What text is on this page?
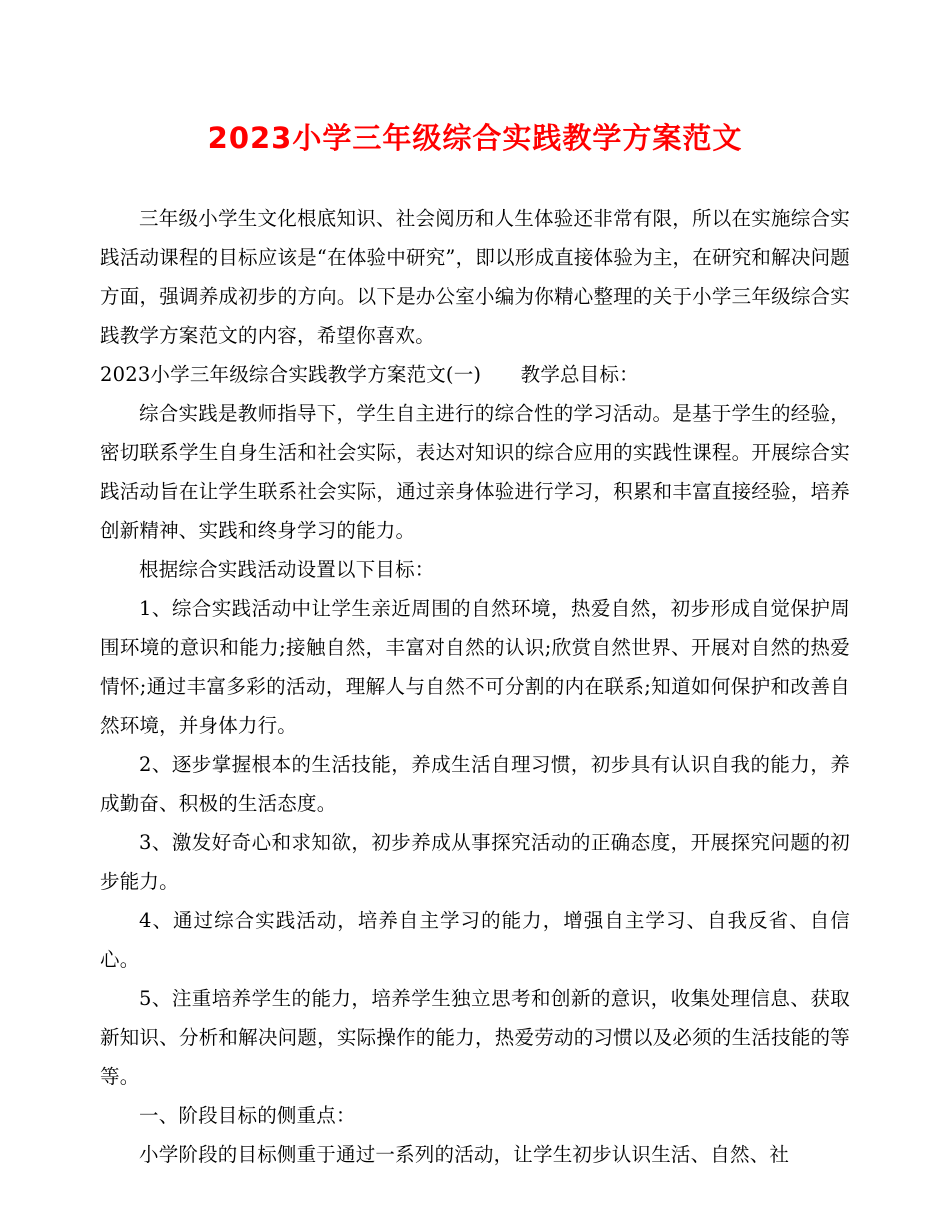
2023小学三年级综合实践教学方案范文

三年级小学生文化根底知识、社会阅历和人生体验还非常有限，所以在实施综合实践活动课程的目标应该是“在体验中研究”，即以形成直接体验为主，在研究和解决问题方面，强调养成初步的方向。以下是办公室小编为你精心整理的关于小学三年级综合实践教学方案范文的内容，希望你喜欢。

2023小学三年级综合实践教学方案范文(一)　　教学总目标：

综合实践是教师指导下，学生自主进行的综合性的学习活动。是基于学生的经验，密切联系学生自身生活和社会实际，表达对知识的综合应用的实践性课程。开展综合实践活动旨在让学生联系社会实际，通过亲身体验进行学习，积累和丰富直接经验，培养创新精神、实践和终身学习的能力。

根据综合实践活动设置以下目标：

1、综合实践活动中让学生亲近周围的自然环境，热爱自然，初步形成自觉保护周围环境的意识和能力;接触自然，丰富对自然的认识;欣赏自然世界、开展对自然的热爱情怀;通过丰富多彩的活动，理解人与自然不可分割的内在联系;知道如何保护和改善自然环境，并身体力行。

2、逐步掌握根本的生活技能，养成生活自理习惯，初步具有认识自我的能力，养成勤奋、积极的生活态度。

3、激发好奇心和求知欲，初步养成从事探究活动的正确态度，开展探究问题的初步能力。

4、通过综合实践活动，培养自主学习的能力，增强自主学习、自我反省、自信心。

5、注重培养学生的能力，培养学生独立思考和创新的意识，收集处理信息、获取新知识、分析和解决问题，实际操作的能力，热爱劳动的习惯以及必须的生活技能的等等。

一、阶段目标的侧重点：

小学阶段的目标侧重于通过一系列的活动，让学生初步认识生活、自然、社
